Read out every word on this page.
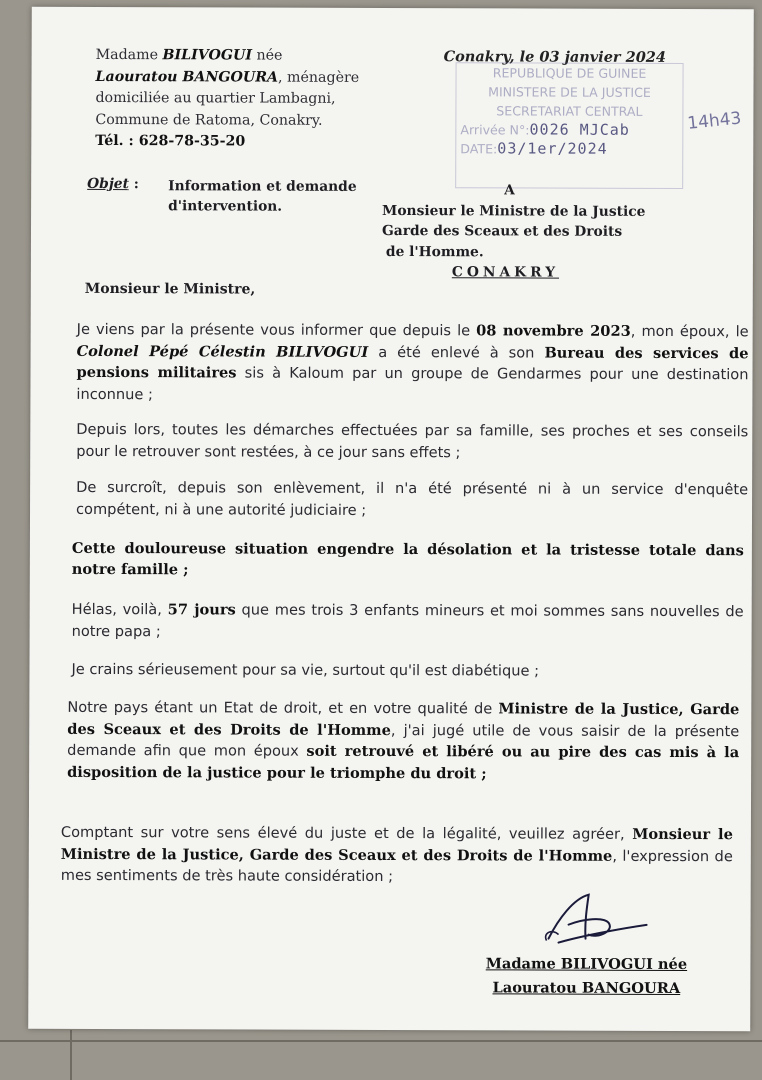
Madame BILIVOGUI née
Laouratou BANGOURA, ménagère
domiciliée au quartier Lambagni,
Commune de Ratoma, Conakry.
Tél. : 628-78-35-20
Conakry, le 03 janvier 2024
REPUBLIQUE DE GUINEE
MINISTERE DE LA JUSTICE
SECRETARIAT CENTRAL
Arrivée N°:0026 MJCab
DATE:03/1er/2024
14h43
Objet : Information et demande
d'intervention.
A
Monsieur le Ministre de la Justice
Garde des Sceaux et des Droits
de l'Homme.
CONAKRY
Monsieur le Ministre,
Je viens par la présente vous informer que depuis le 08 novembre 2023, mon époux, le Colonel Pépé Célestin BILIVOGUI a été enlevé à son Bureau des services de pensions militaires sis à Kaloum par un groupe de Gendarmes pour une destination inconnue ;
Depuis lors, toutes les démarches effectuées par sa famille, ses proches et ses conseils pour le retrouver sont restées, à ce jour sans effets ;
De surcroît, depuis son enlèvement, il n'a été présenté ni à un service d'enquête compétent, ni à une autorité judiciaire ;
Cette douloureuse situation engendre la désolation et la tristesse totale dans notre famille ;
Hélas, voilà, 57 jours que mes trois 3 enfants mineurs et moi sommes sans nouvelles de notre papa ;
Je crains sérieusement pour sa vie, surtout qu'il est diabétique ;
Notre pays étant un Etat de droit, et en votre qualité de Ministre de la Justice, Garde des Sceaux et des Droits de l'Homme, j'ai jugé utile de vous saisir de la présente demande afin que mon époux soit retrouvé et libéré ou au pire des cas mis à la disposition de la justice pour le triomphe du droit ;
Comptant sur votre sens élevé du juste et de la légalité, veuillez agréer, Monsieur le Ministre de la Justice, Garde des Sceaux et des Droits de l'Homme, l'expression de mes sentiments de très haute considération ;
Madame BILIVOGUI née
Laouratou BANGOURA
